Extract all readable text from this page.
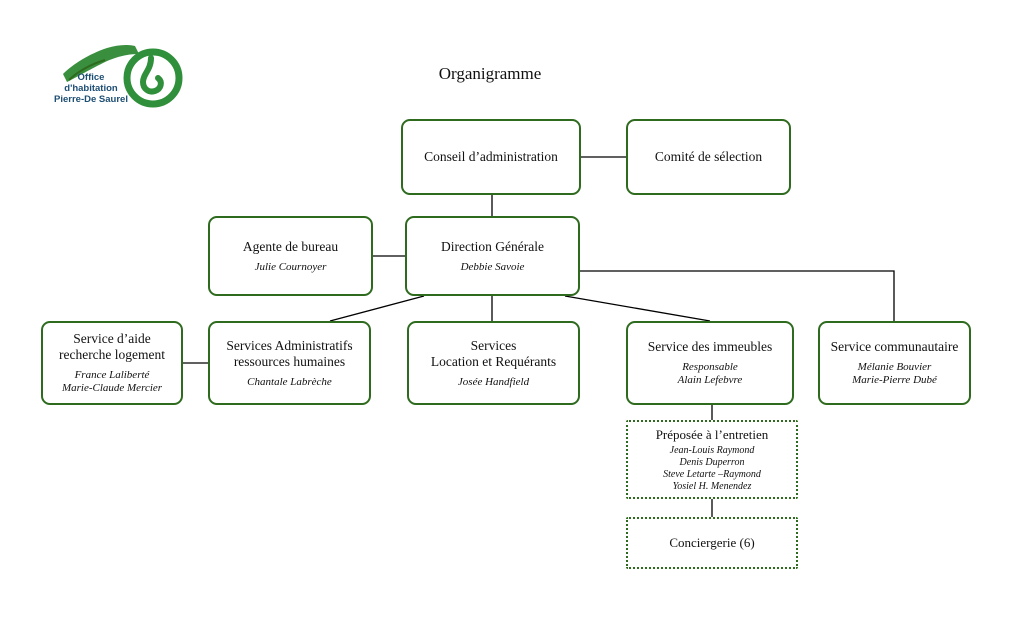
Office
d'habitation
Pierre-De Saurel
Organigramme
Conseil d’administration	Comité de sélection
Agente de bureau
Julie Cournoyer
Direction Générale
Debbie Savoie
Service d’aide
recherche logement
France Laliberté
Marie-Claude Mercier
Services Administratifs
ressources humaines
Chantale Labrèche
Services
Location et Requérants
Josée Handfield
Service des immeubles
Responsable
Alain Lefebvre
Service communautaire
Mélanie Bouvier
Marie-Pierre Dubé
Préposée à l’entretien
Jean-Louis Raymond
Denis Duperron
Steve Letarte –Raymond
Yosiel H. Menendez
Conciergerie (6)
